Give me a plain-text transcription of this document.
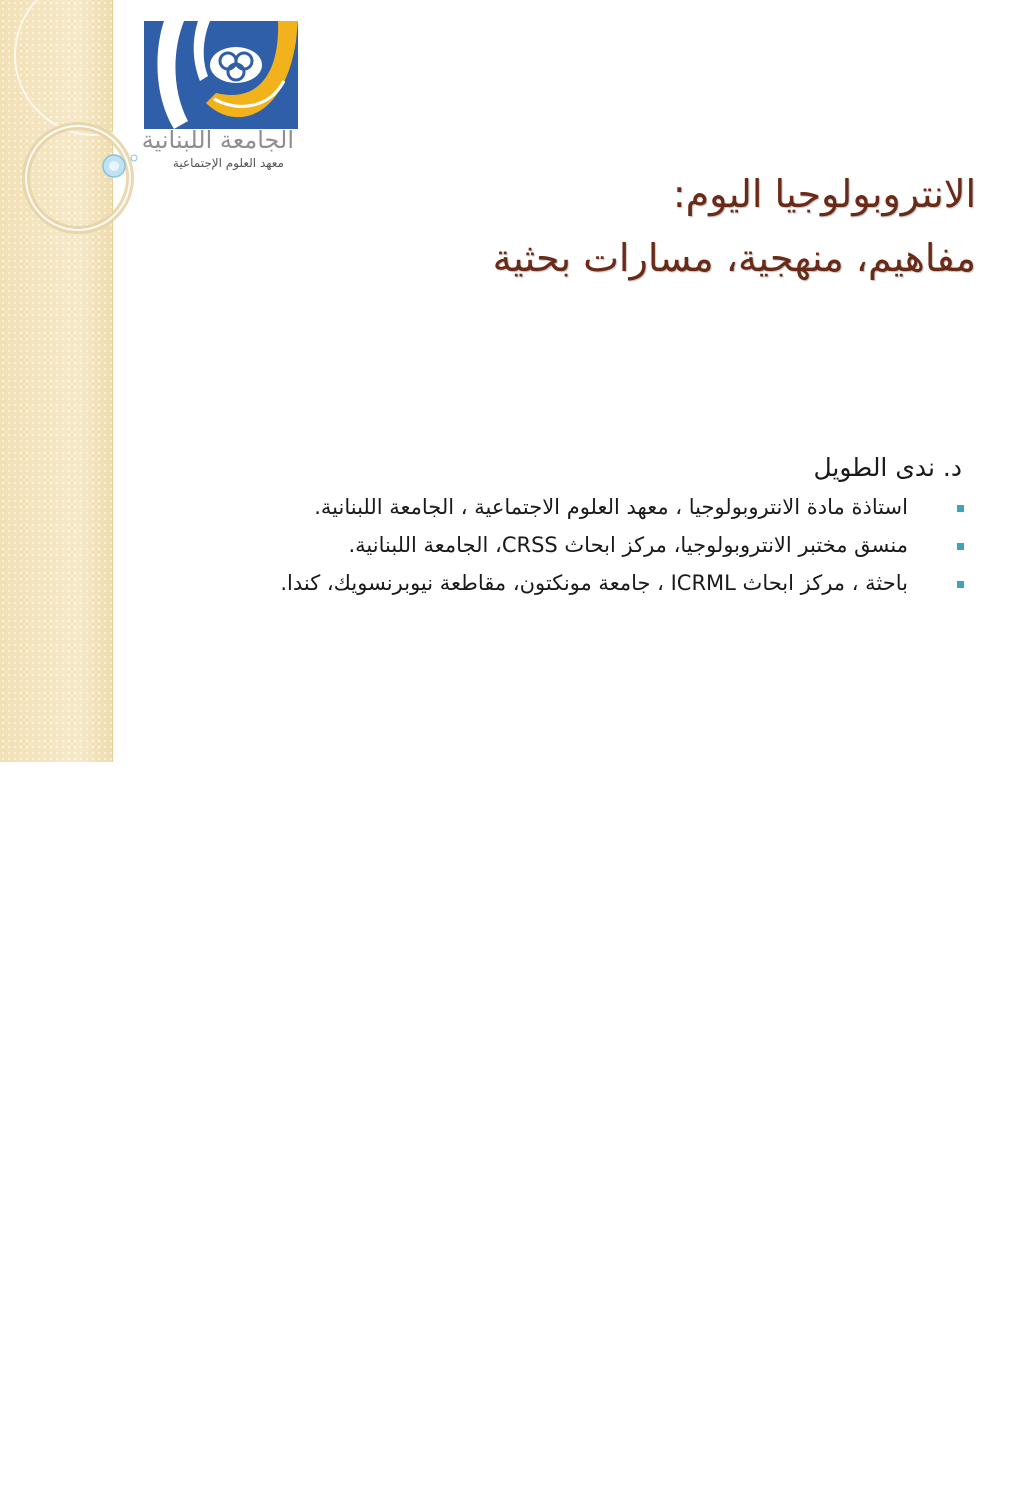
الجامعة اللبنانية
معهد العلوم الإجتماعية
الانتروبولوجيا اليوم:
مفاهيم، منهجية، مسارات بحثية
د. ندى الطويل
استاذة مادة الانتروبولوجيا ، معهد العلوم الاجتماعية ، الجامعة اللبنانية.
منسق مختبر الانتروبولوجيا، مركز ابحاث CRSS، الجامعة اللبنانية.
باحثة ، مركز ابحاث ICRML ، جامعة مونكتون، مقاطعة نيوبرنسويك، كندا.
